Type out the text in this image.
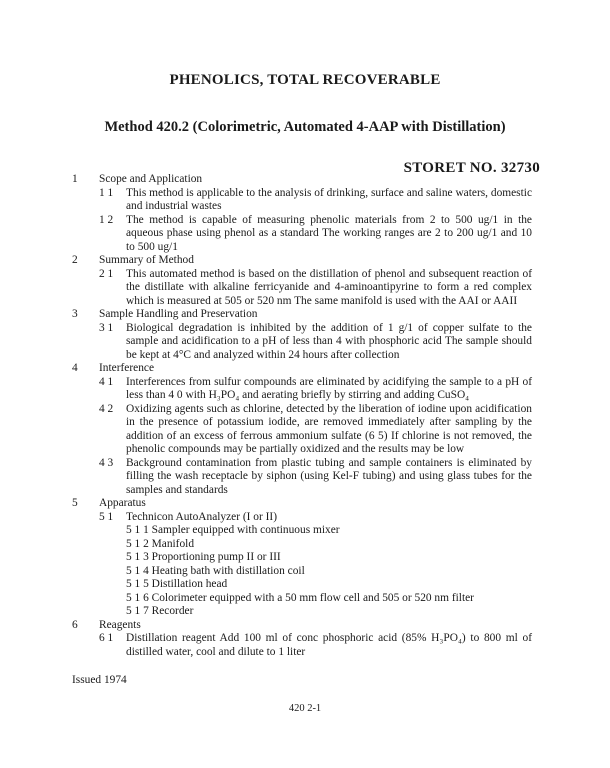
PHENOLICS, TOTAL RECOVERABLE
Method 420.2 (Colorimetric, Automated 4-AAP with Distillation)
STORET NO. 32730
1 Scope and Application
1 1 This method is applicable to the analysis of drinking, surface and saline waters, domestic and industrial wastes
1 2 The method is capable of measuring phenolic materials from 2 to 500 ug/1 in the aqueous phase using phenol as a standard The working ranges are 2 to 200 ug/1 and 10 to 500 ug/1
2 Summary of Method
2 1 This automated method is based on the distillation of phenol and subsequent reaction of the distillate with alkaline ferricyanide and 4-aminoantipyrine to form a red complex which is measured at 505 or 520 nm The same manifold is used with the AAI or AAII
3 Sample Handling and Preservation
3 1 Biological degradation is inhibited by the addition of 1 g/1 of copper sulfate to the sample and acidification to a pH of less than 4 with phosphoric acid The sample should be kept at 4°C and analyzed within 24 hours after collection
4 Interference
4 1 Interferences from sulfur compounds are eliminated by acidifying the sample to a pH of less than 4 0 with H₃PO₄ and aerating briefly by stirring and adding CuSO₄
4 2 Oxidizing agents such as chlorine, detected by the liberation of iodine upon acidification in the presence of potassium iodide, are removed immediately after sampling by the addition of an excess of ferrous ammonium sulfate (6 5) If chlorine is not removed, the phenolic compounds may be partially oxidized and the results may be low
4 3 Background contamination from plastic tubing and sample containers is eliminated by filling the wash receptacle by siphon (using Kel-F tubing) and using glass tubes for the samples and standards
5 Apparatus
5 1 Technicon AutoAnalyzer (I or II)
5 1 1 Sampler equipped with continuous mixer
5 1 2 Manifold
5 1 3 Proportioning pump II or III
5 1 4 Heating bath with distillation coil
5 1 5 Distillation head
5 1 6 Colorimeter equipped with a 50 mm flow cell and 505 or 520 nm filter
5 1 7 Recorder
6 Reagents
6 1 Distillation reagent Add 100 ml of conc phosphoric acid (85% H₃PO₄) to 800 ml of distilled water, cool and dilute to 1 liter
Issued 1974
420 2-1
